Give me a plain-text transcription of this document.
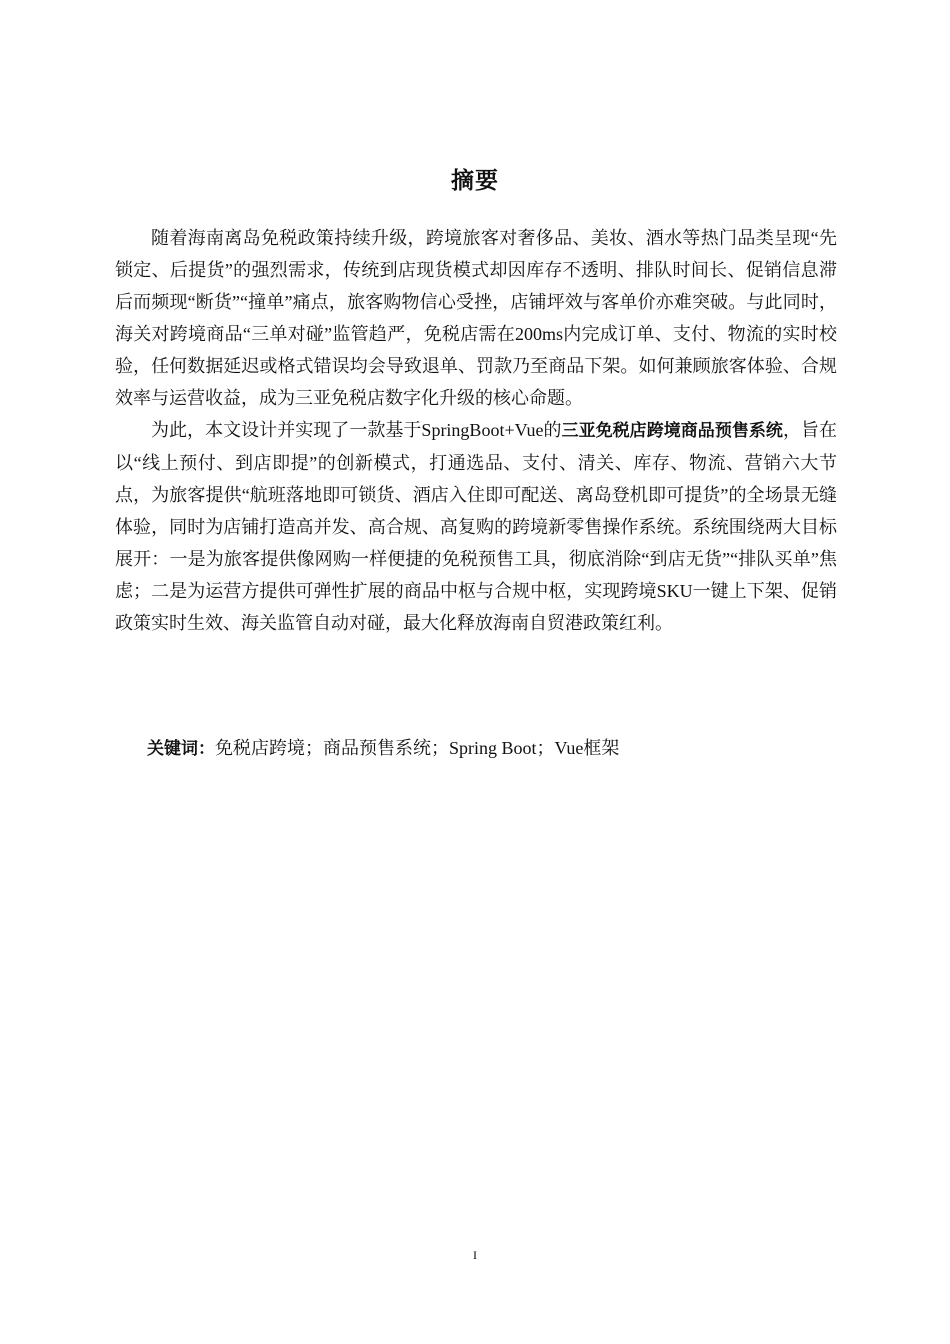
摘要

随着海南离岛免税政策持续升级，跨境旅客对奢侈品、美妆、酒水等热门品类呈现“先锁定、后提货”的强烈需求，传统到店现货模式却因库存不透明、排队时间长、促销信息滞后而频现“断货”“撞单”痛点，旅客购物信心受挫，店铺坪效与客单价亦难突破。与此同时，海关对跨境商品“三单对碰”监管趋严，免税店需在200ms内完成订单、支付、物流的实时校验，任何数据延迟或格式错误均会导致退单、罚款乃至商品下架。如何兼顾旅客体验、合规效率与运营收益，成为三亚免税店数字化升级的核心命题。

为此，本文设计并实现了一款基于SpringBoot+Vue的三亚免税店跨境商品预售系统，旨在以“线上预付、到店即提”的创新模式，打通选品、支付、清关、库存、物流、营销六大节点，为旅客提供“航班落地即可锁货、酒店入住即可配送、离岛登机即可提货”的全场景无缝体验，同时为店铺打造高并发、高合规、高复购的跨境新零售操作系统。系统围绕两大目标展开：一是为旅客提供像网购一样便捷的免税预售工具，彻底消除“到店无货”“排队买单”焦虑；二是为运营方提供可弹性扩展的商品中枢与合规中枢，实现跨境SKU一键上下架、促销政策实时生效、海关监管自动对碰，最大化释放海南自贸港政策红利。

关键词：免税店跨境；商品预售系统；Spring Boot；Vue框架
I
